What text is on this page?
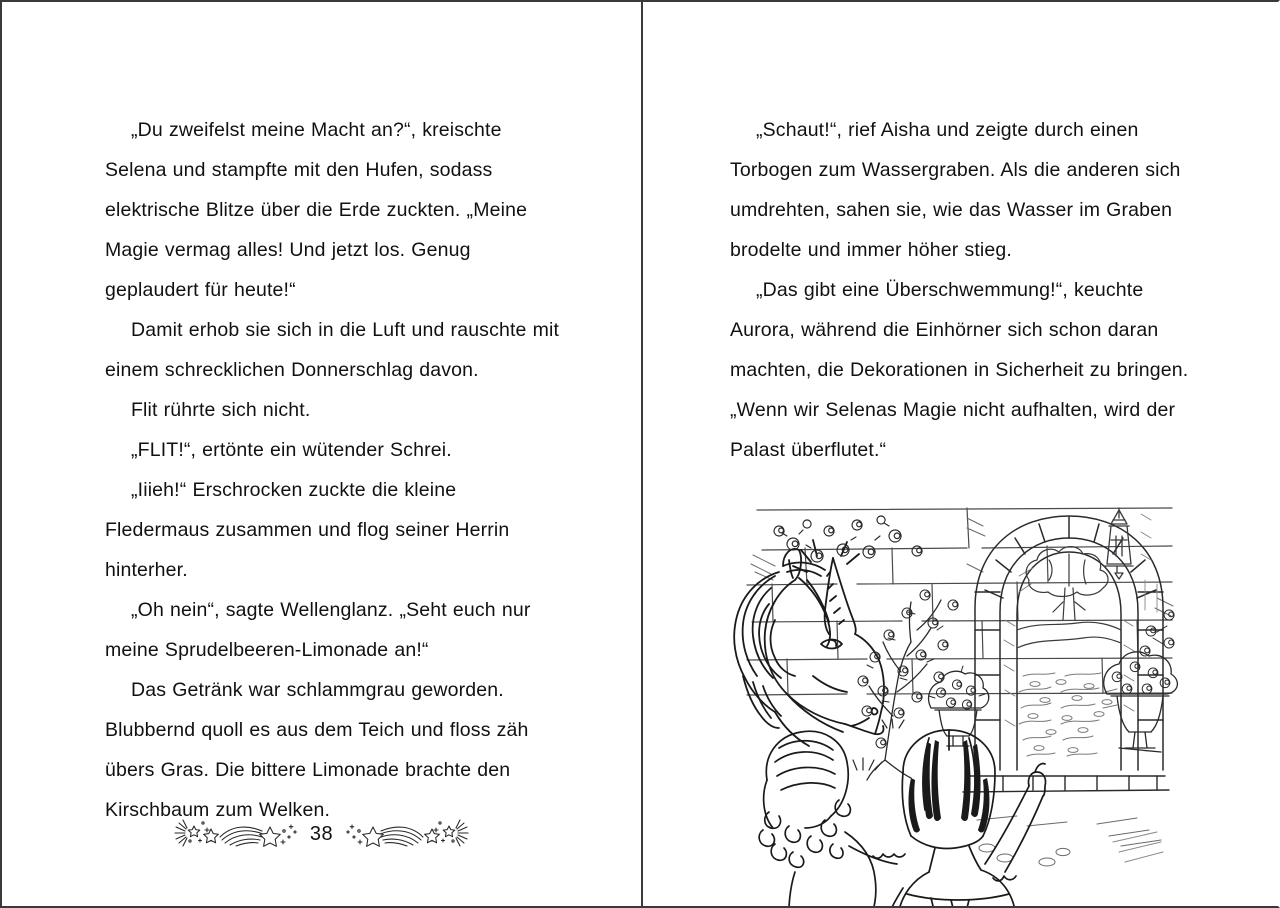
„Du zweifelst meine Macht an?“, kreischte Selena und stampfte mit den Hufen, sodass elektrische Blitze über die Erde zuckten. „Meine Magie vermag alles! Und jetzt los. Genug geplaudert für heute!“

Damit erhob sie sich in die Luft und rauschte mit einem schrecklichen Donnerschlag davon.

Flit rührte sich nicht.

„FLIT!“, ertönte ein wütender Schrei.

„Iiieh!“ Erschrocken zuckte die kleine Fledermaus zusammen und flog seiner Herrin hinterher.

„Oh nein“, sagte Wellenglanz. „Seht euch nur meine Sprudelbeeren-Limonade an!“

Das Getränk war schlammgrau geworden. Blubbernd quoll es aus dem Teich und floss zäh übers Gras. Die bittere Limonade brachte den Kirschbaum zum Welken.

38

„Schaut!“, rief Aisha und zeigte durch einen Torbogen zum Wassergraben. Als die anderen sich umdrehten, sahen sie, wie das Wasser im Graben brodelte und immer höher stieg.

„Das gibt eine Überschwemmung!“, keuchte Aurora, während die Einhörner sich schon daran machten, die Dekorationen in Sicherheit zu bringen. „Wenn wir Selenas Magie nicht aufhalten, wird der Palast überflutet.“
